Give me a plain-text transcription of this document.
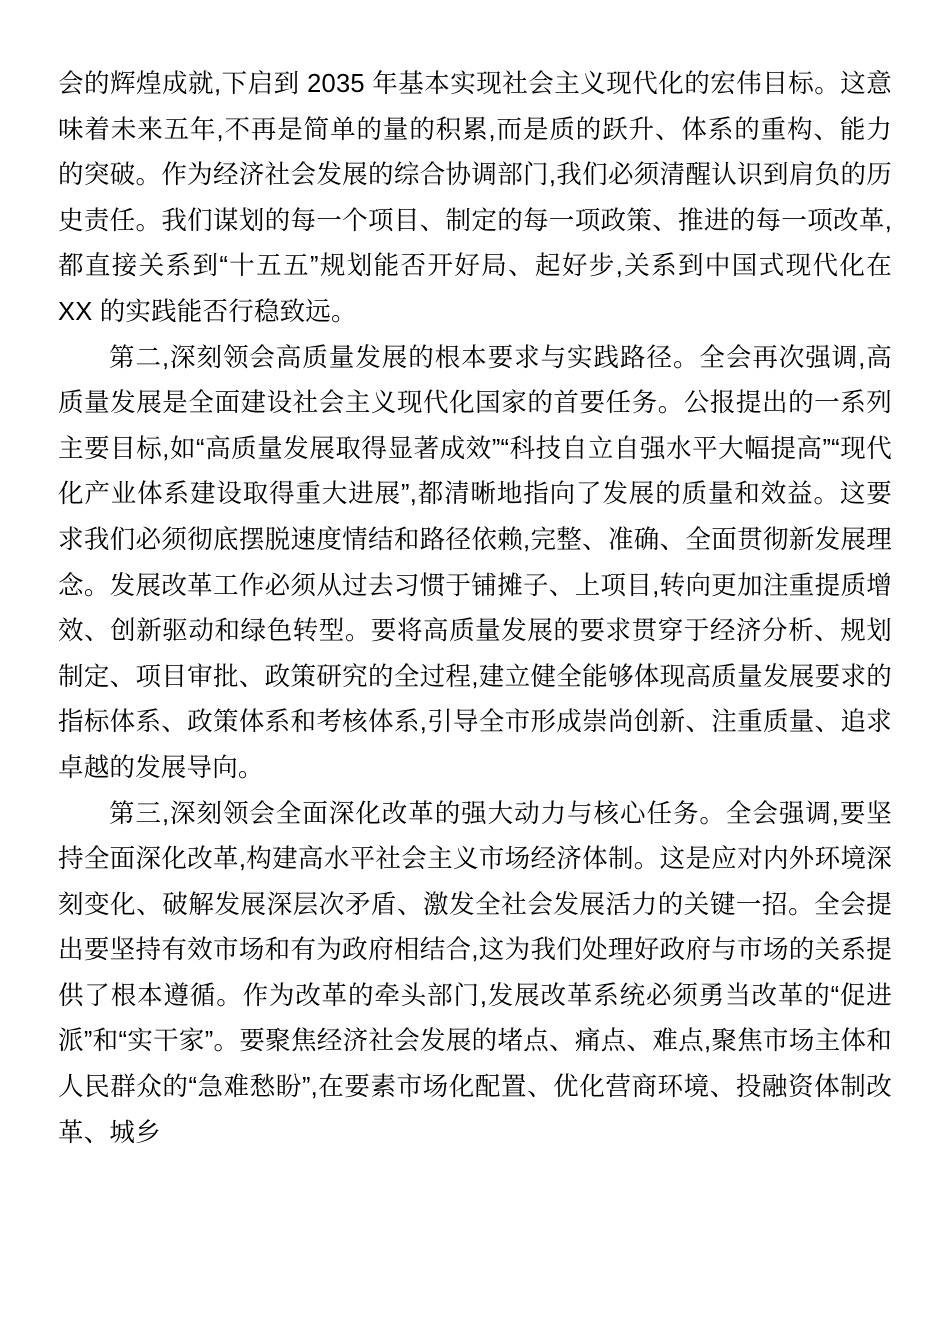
会的辉煌成就,下启到 2035 年基本实现社会主义现代化的宏伟目标。这意味着未来五年,不再是简单的量的积累,而是质的跃升、体系的重构、能力的突破。作为经济社会发展的综合协调部门,我们必须清醒认识到肩负的历史责任。我们谋划的每一个项目、制定的每一项政策、推进的每一项改革,都直接关系到“十五五”规划能否开好局、起好步,关系到中国式现代化在 XX 的实践能否行稳致远。

第二,深刻领会高质量发展的根本要求与实践路径。全会再次强调,高质量发展是全面建设社会主义现代化国家的首要任务。公报提出的一系列主要目标,如“高质量发展取得显著成效”“科技自立自强水平大幅提高”“现代化产业体系建设取得重大进展”,都清晰地指向了发展的质量和效益。这要求我们必须彻底摆脱速度情结和路径依赖,完整、准确、全面贯彻新发展理念。发展改革工作必须从过去习惯于铺摊子、上项目,转向更加注重提质增效、创新驱动和绿色转型。要将高质量发展的要求贯穿于经济分析、规划制定、项目审批、政策研究的全过程,建立健全能够体现高质量发展要求的指标体系、政策体系和考核体系,引导全市形成崇尚创新、注重质量、追求卓越的发展导向。

第三,深刻领会全面深化改革的强大动力与核心任务。全会强调,要坚持全面深化改革,构建高水平社会主义市场经济体制。这是应对内外环境深刻变化、破解发展深层次矛盾、激发全社会发展活力的关键一招。全会提出要坚持有效市场和有为政府相结合,这为我们处理好政府与市场的关系提供了根本遵循。作为改革的牵头部门,发展改革系统必须勇当改革的“促进派”和“实干家”。要聚焦经济社会发展的堵点、痛点、难点,聚焦市场主体和人民群众的“急难愁盼”,在要素市场化配置、优化营商环境、投融资体制改革、城乡
